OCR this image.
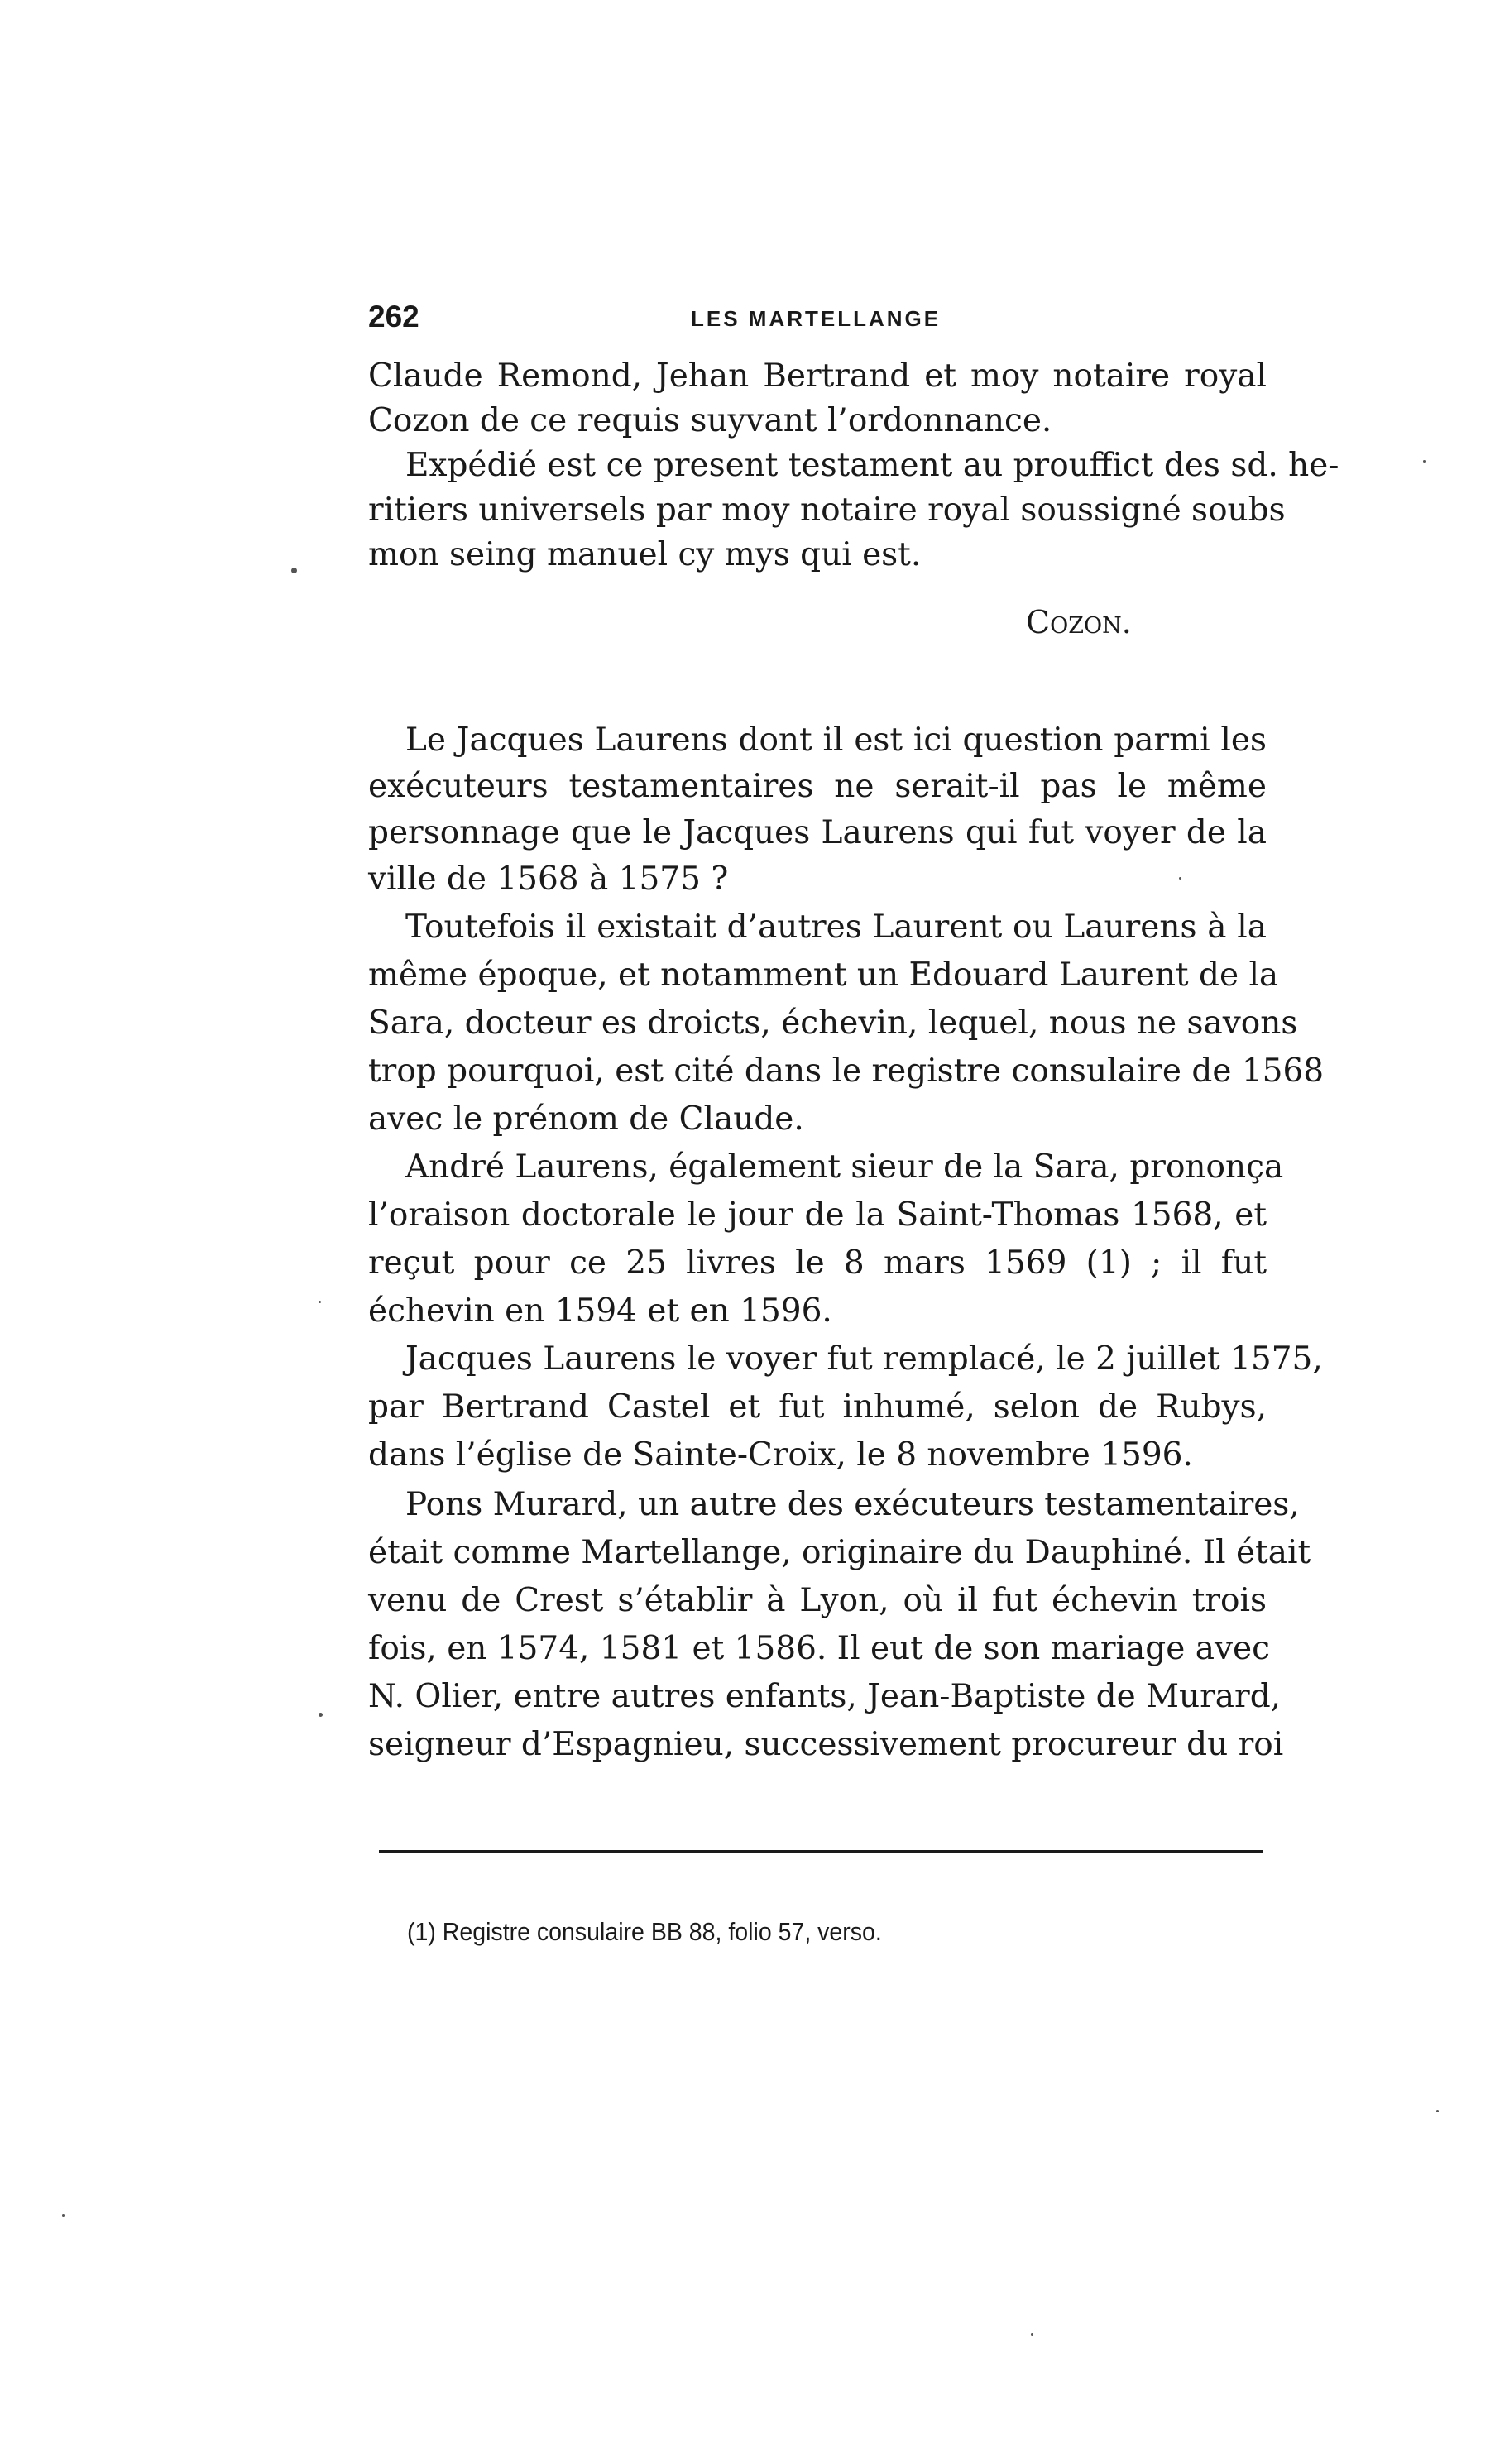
262	LES MARTELLANGE
Claude Remond, Jehan Bertrand et moy notaire royal
Cozon de ce requis suyvant l’ordonnance.
Expédié est ce present testament au prouffict des sd. he-
ritiers universels par moy notaire royal soussigné soubs
mon seing manuel cy mys qui est.
Cozon.
Le Jacques Laurens dont il est ici question parmi les
exécuteurs testamentaires ne serait-il pas le même
personnage que le Jacques Laurens qui fut voyer de la
ville de 1568 à 1575 ?
Toutefois il existait d’autres Laurent ou Laurens à la
même époque, et notamment un Edouard Laurent de la
Sara, docteur es droicts, échevin, lequel, nous ne savons
trop pourquoi, est cité dans le registre consulaire de 1568
avec le prénom de Claude.
André Laurens, également sieur de la Sara, prononça
l’oraison doctorale le jour de la Saint-Thomas 1568, et
reçut pour ce 25 livres le 8 mars 1569 (1) ; il fut
échevin en 1594 et en 1596.
Jacques Laurens le voyer fut remplacé, le 2 juillet 1575,
par Bertrand Castel et fut inhumé, selon de Rubys,
dans l’église de Sainte-Croix, le 8 novembre 1596.
Pons Murard, un autre des exécuteurs testamentaires,
était comme Martellange, originaire du Dauphiné. Il était
venu de Crest s’établir à Lyon, où il fut échevin trois
fois, en 1574, 1581 et 1586. Il eut de son mariage avec
N. Olier, entre autres enfants, Jean-Baptiste de Murard,
seigneur d’Espagnieu, successivement procureur du roi
(1) Registre consulaire BB 88, folio 57, verso.
